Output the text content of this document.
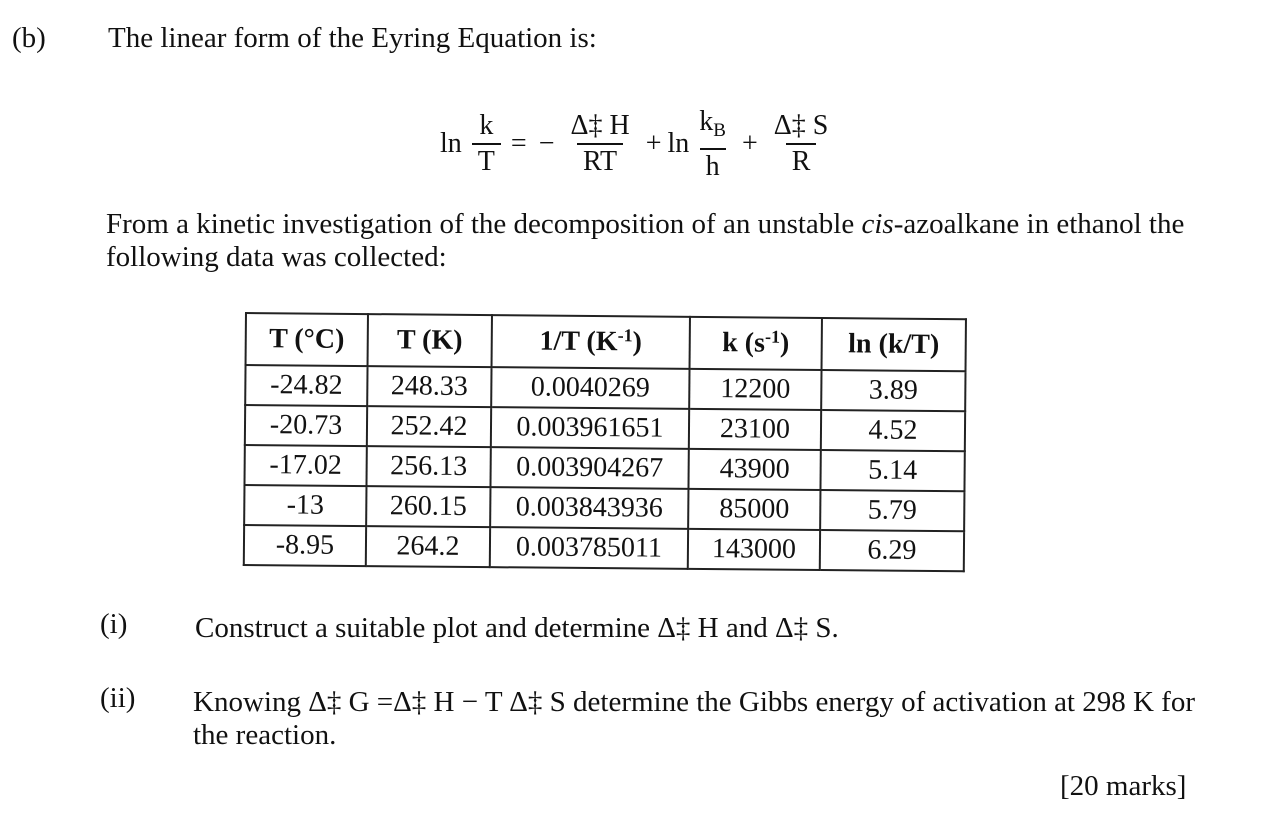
(b) The linear form of the Eyring Equation is:
$\ln \frac{k}{T}$ = − $\frac{\Delta\ddagger H}{RT} + \ln \frac{k_B}{h} + \frac{\Delta\ddagger S}{R}$
From a kinetic investigation of the decomposition of an unstable cis-azoalkane in ethanol the following data was collected:
T (°C)	T (K)	1/T $(K^{-1})$	k $(s^{-1})$	ln (k/T)
-24.82	248.33	0.0040269	12200	3.89
-20.73	252.42	0.003961651	23100	4.52
-17.02	256.13	0.003904267	43900	5.14
-13	260.15	0.003843936	85000	5.79
-8.95	264.2	0.003785011	143000	6.29
(i) Construct a suitable plot and determine Δ‡ H and Δ‡ S.
(ii) Knowing Δ‡ G =Δ‡ H − T Δ‡ S determine the Gibbs energy of activation at 298 K for the reaction.
[20 marks]
